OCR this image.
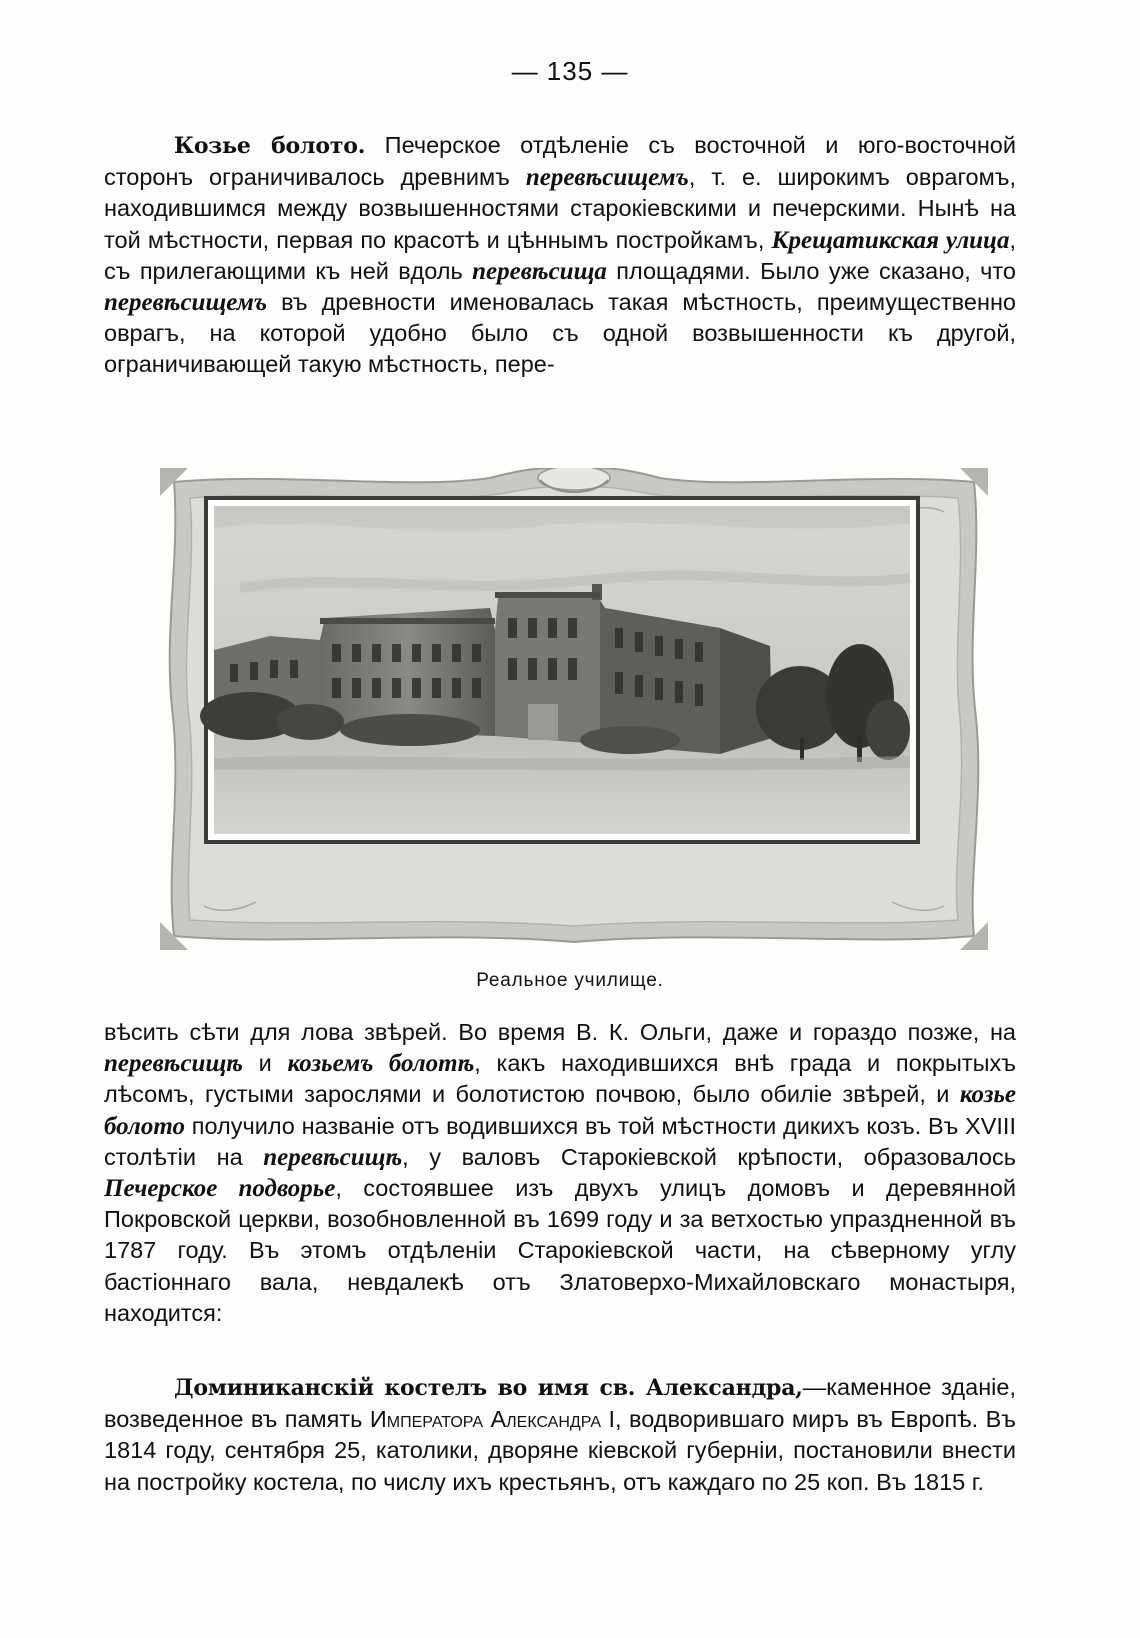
— 135 —

Козье болото. Печерское отдѣленіе съ восточной и юго-восточной сторонъ ограничивалось древнимъ перевѣсищемъ, т. е. широкимъ оврагомъ, находившимся между возвышенностями старокіевскими и печерскими. Нынѣ на той мѣстности, первая по красотѣ и цѣннымъ постройкамъ, Крещатикская улица, съ прилегающими къ ней вдоль перевѣсища площадями. Было уже сказано, что перевѣсищемъ въ древности именовалась такая мѣстность, преимущественно оврагъ, на которой удобно было съ одной возвышенности къ другой, ограничивающей такую мѣстность, пере-

Реальное училище.

вѣсить сѣти для лова звѣрей. Во время В. К. Ольги, даже и гораздо позже, на перевѣсищѣ и козьемъ болотѣ, какъ находившихся внѣ града и покрытыхъ лѣсомъ, густыми зарослями и болотистою почвою, было обиліе звѣрей, и козье болото получило названіе отъ водившихся въ той мѣстности дикихъ козъ. Въ XVIII столѣтіи на перевѣсищѣ, у валовъ Старокіевской крѣпости, образовалось Печерское подворье, состоявшее изъ двухъ улицъ домовъ и деревянной Покровской церкви, возобновленной въ 1699 году и за ветхостью упраздненной въ 1787 году. Въ этомъ отдѣленіи Старокіевской части, на сѣверному углу бастіоннаго вала, невдалекѣ отъ Златоверхо-Михайловскаго монастыря, находится:

Доминиканскій костелъ во имя св. Александра,—каменное зданіе, возведенное въ память Императора Александра I, водворившаго миръ въ Европѣ. Въ 1814 году, сентября 25, католики, дворяне кіевской губерніи, постановили внести на постройку костела, по числу ихъ крестьянъ, отъ каждаго по 25 коп. Въ 1815 г.
